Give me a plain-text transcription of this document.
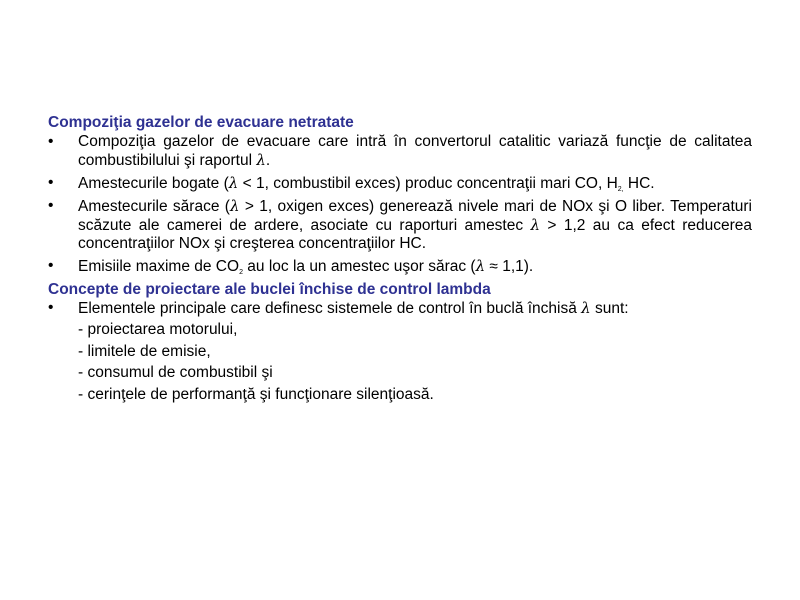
Compoziţia gazelor de evacuare netratate

•	Compoziţia gazelor de evacuare care intră în convertorul catalitic variază funcţie de calitatea combustibilului şi raportul λ.
•	Amestecurile bogate (λ < 1, combustibil exces) produc concentraţii mari CO, $H_{2,}$ HC.
•	Amestecurile sărace (λ > 1, oxigen exces) generează nivele mari de NOx şi O liber. Temperaturi scăzute ale camerei de ardere, asociate cu raporturi amestec λ > 1,2 au ca efect reducerea concentraţiilor NOx şi creşterea concentraţiilor HC.
•	Emisiile maxime de $CO_2$ au loc la un amestec uşor sărac (λ ≈ 1,1).

Concepte de proiectare ale buclei închise de control lambda

•	Elementele principale care definesc sistemele de control în buclă închisă λ sunt:

- proiectarea motorului,

- limitele de emisie,

- consumul de combustibil şi

- cerinţele de performanţă şi funcţionare silenţioasă.
